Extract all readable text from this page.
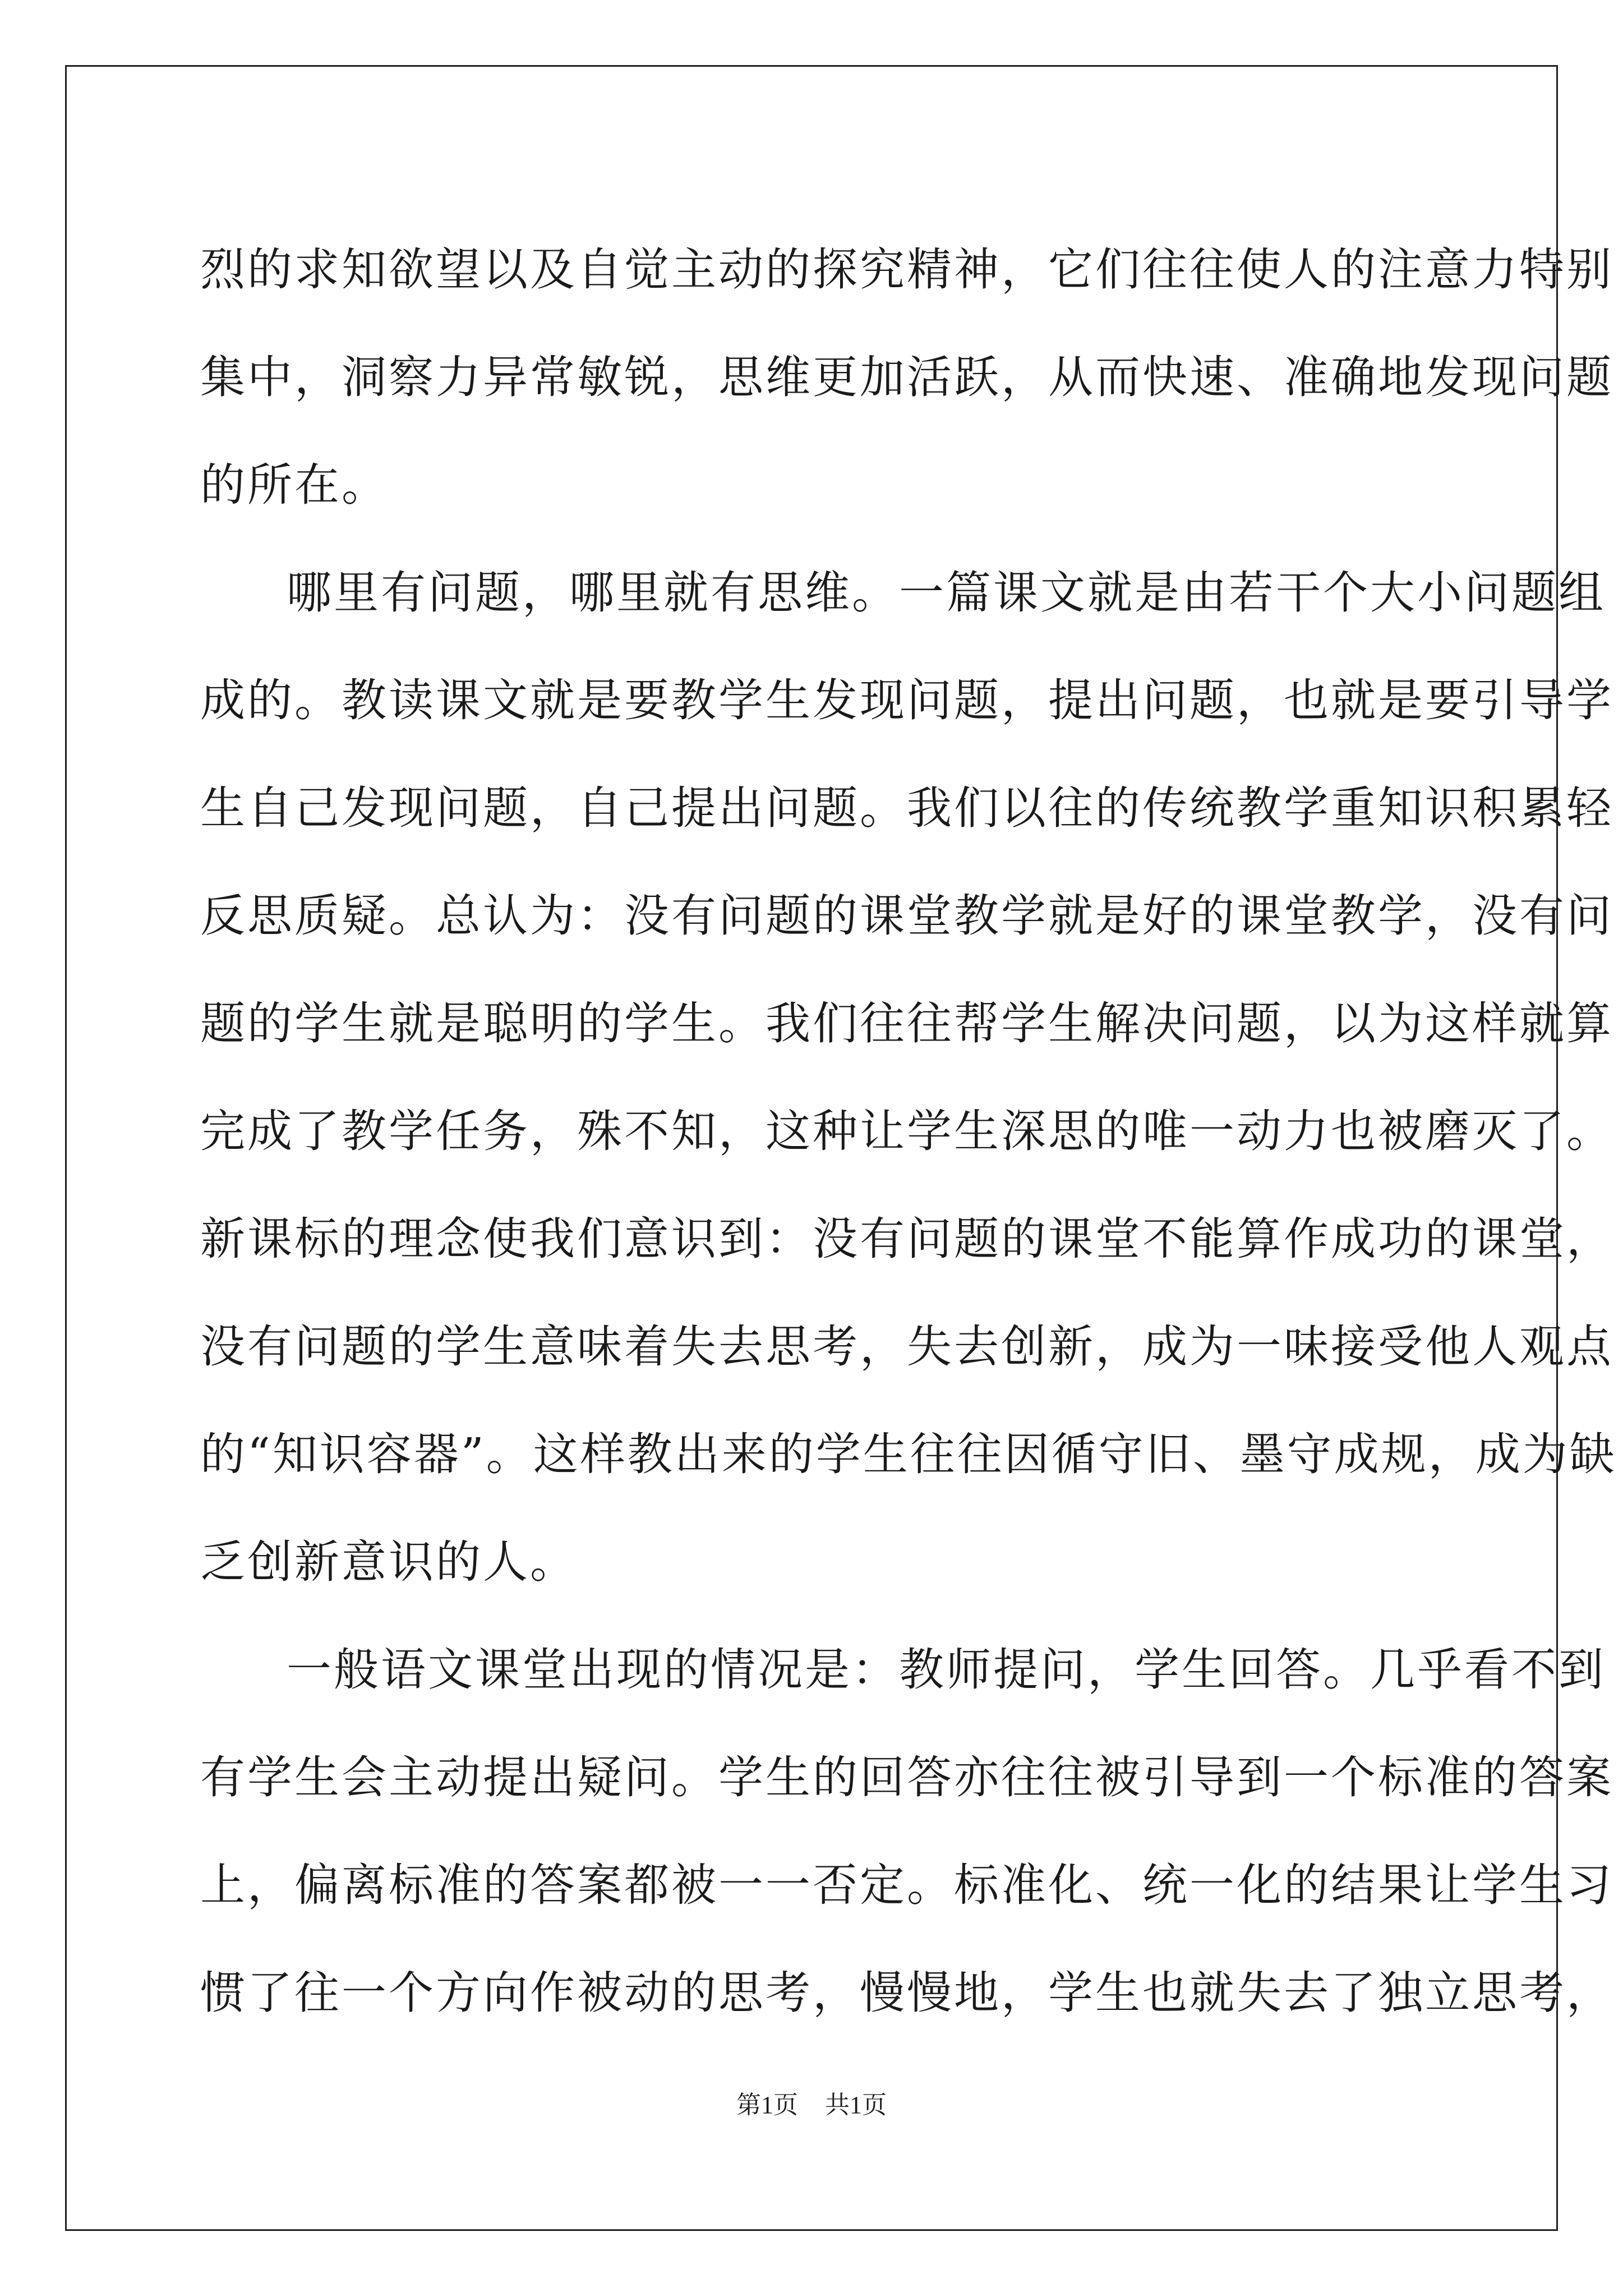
烈的求知欲望以及自觉主动的探究精神，它们往往使人的注意力特别
集中，洞察力异常敏锐，思维更加活跃，从而快速、准确地发现问题
的所在。
哪里有问题，哪里就有思维。一篇课文就是由若干个大小问题组
成的。教读课文就是要教学生发现问题，提出问题，也就是要引导学
生自己发现问题，自己提出问题。我们以往的传统教学重知识积累轻
反思质疑。总认为：没有问题的课堂教学就是好的课堂教学，没有问
题的学生就是聪明的学生。我们往往帮学生解决问题，以为这样就算
完成了教学任务，殊不知，这种让学生深思的唯一动力也被磨灭了。
新课标的理念使我们意识到：没有问题的课堂不能算作成功的课堂，
没有问题的学生意味着失去思考，失去创新，成为一味接受他人观点
的“知识容器”。这样教出来的学生往往因循守旧、墨守成规，成为缺
乏创新意识的人。
一般语文课堂出现的情况是：教师提问，学生回答。几乎看不到
有学生会主动提出疑问。学生的回答亦往往被引导到一个标准的答案
上，偏离标准的答案都被一一否定。标准化、统一化的结果让学生习
惯了往一个方向作被动的思考，慢慢地，学生也就失去了独立思考，
第1页 共1页
